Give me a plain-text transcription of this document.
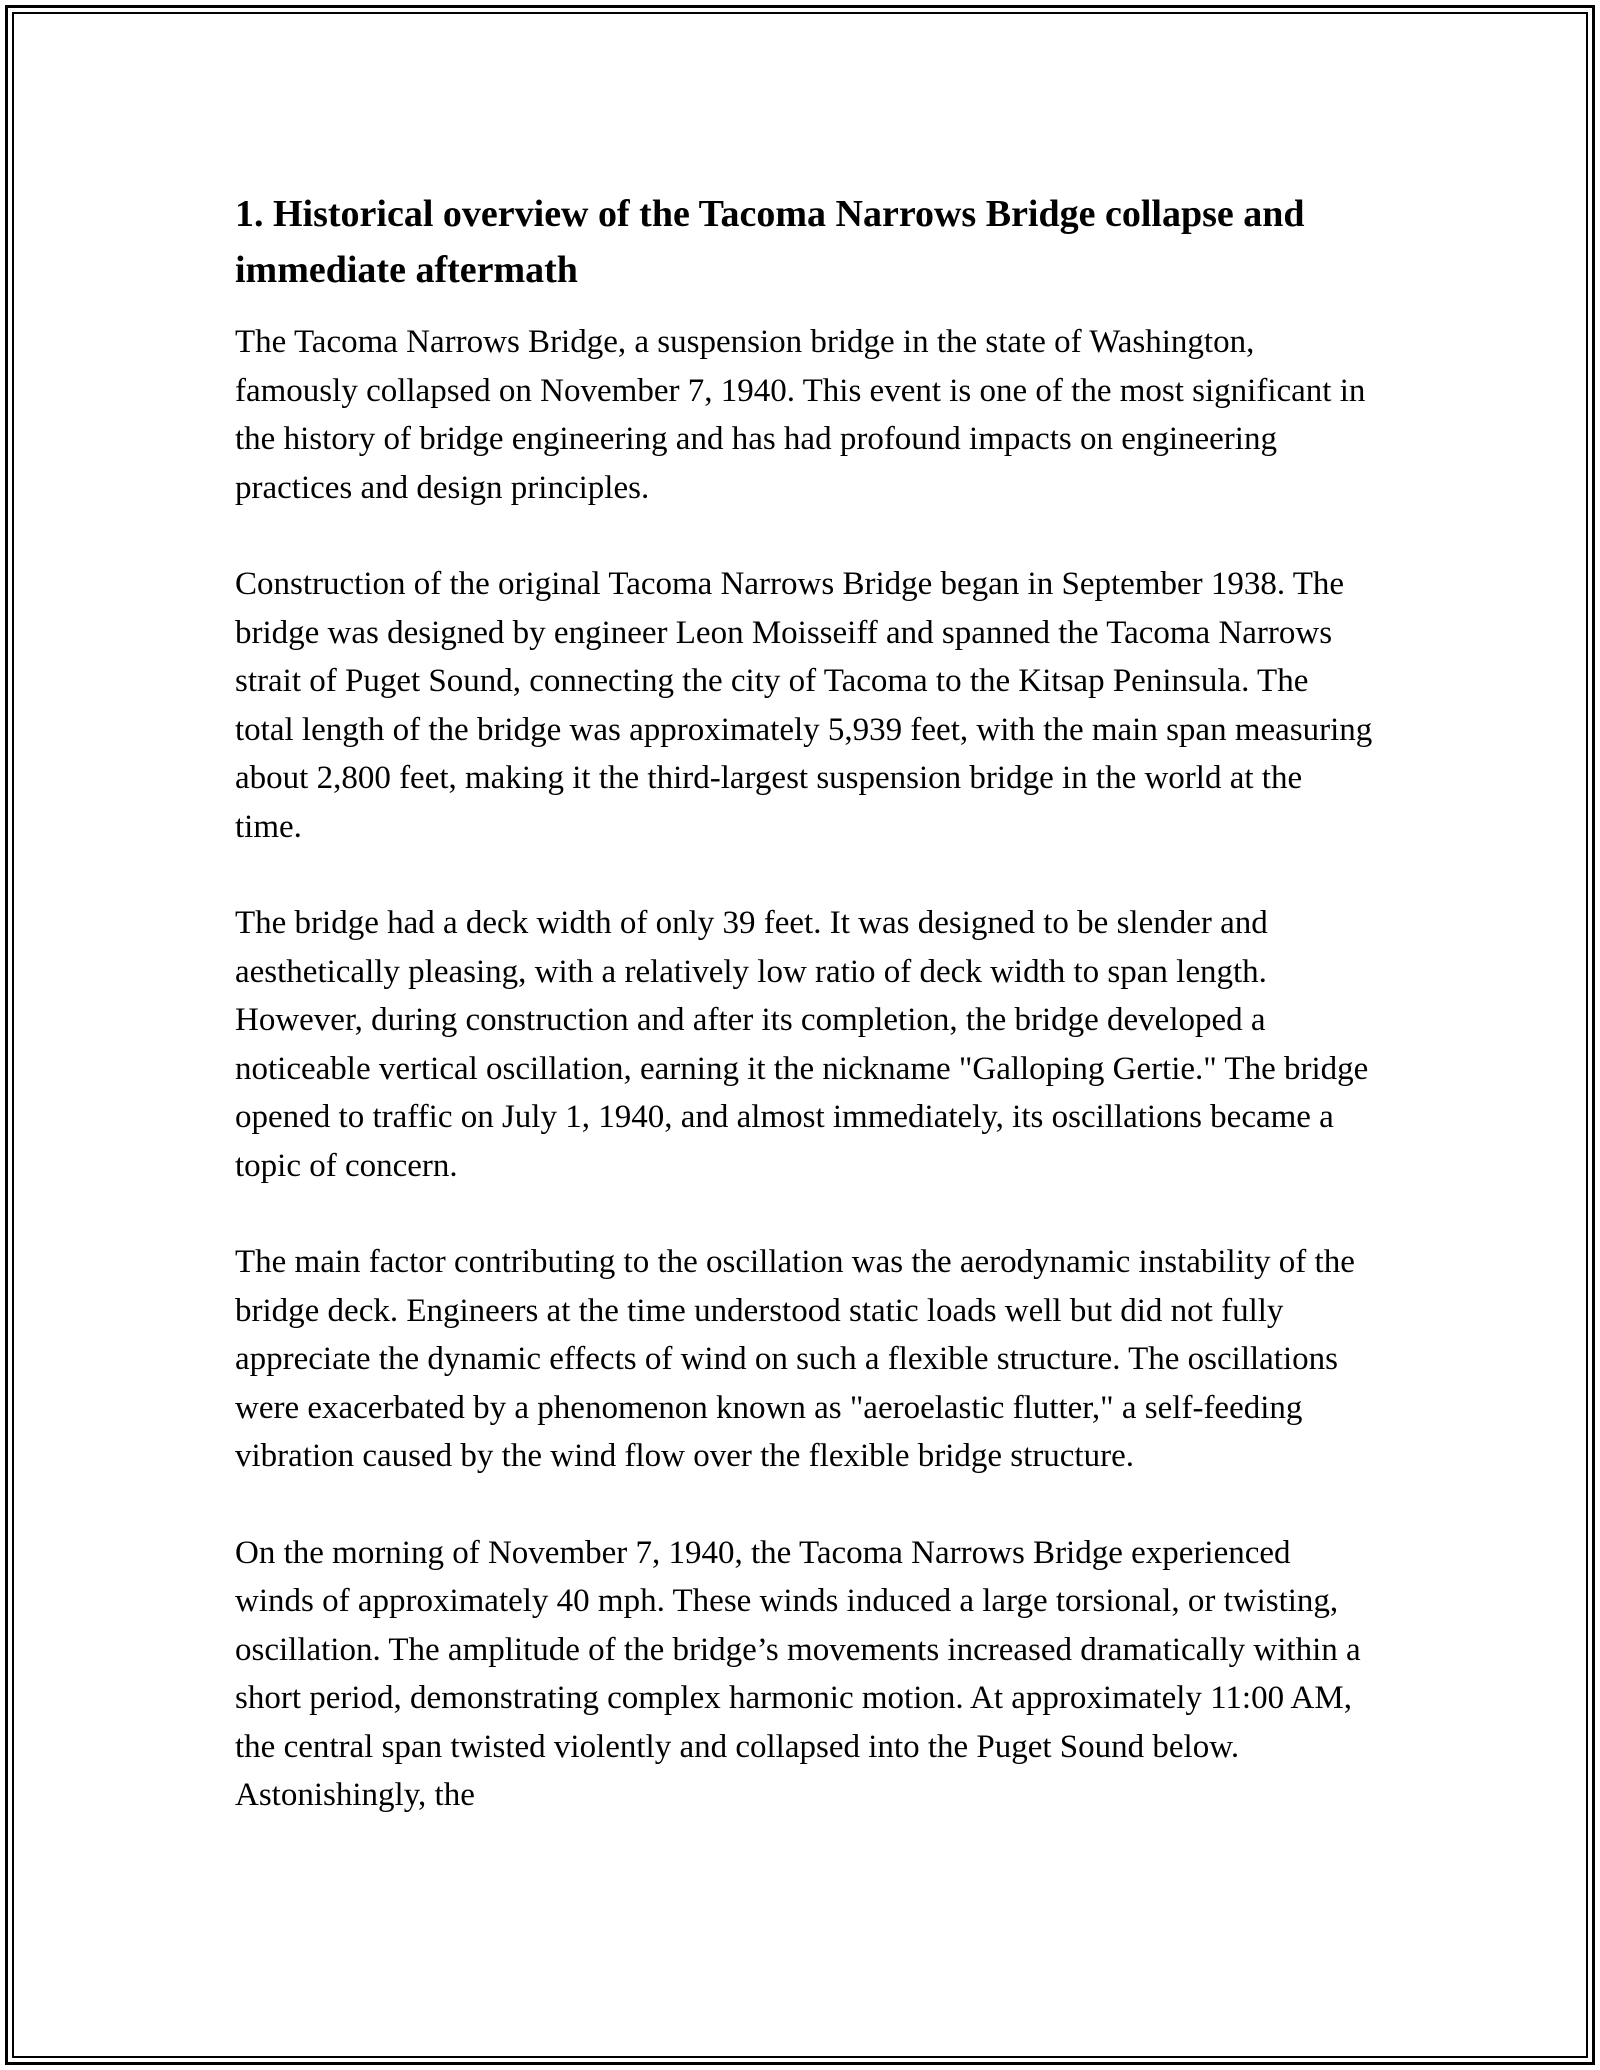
1. Historical overview of the Tacoma Narrows Bridge collapse and immediate aftermath

The Tacoma Narrows Bridge, a suspension bridge in the state of Washington, famously collapsed on November 7, 1940. This event is one of the most significant in the history of bridge engineering and has had profound impacts on engineering practices and design principles.

Construction of the original Tacoma Narrows Bridge began in September 1938. The bridge was designed by engineer Leon Moisseiff and spanned the Tacoma Narrows strait of Puget Sound, connecting the city of Tacoma to the Kitsap Peninsula. The total length of the bridge was approximately 5,939 feet, with the main span measuring about 2,800 feet, making it the third-largest suspension bridge in the world at the time.

The bridge had a deck width of only 39 feet. It was designed to be slender and aesthetically pleasing, with a relatively low ratio of deck width to span length. However, during construction and after its completion, the bridge developed a noticeable vertical oscillation, earning it the nickname "Galloping Gertie." The bridge opened to traffic on July 1, 1940, and almost immediately, its oscillations became a topic of concern.

The main factor contributing to the oscillation was the aerodynamic instability of the bridge deck. Engineers at the time understood static loads well but did not fully appreciate the dynamic effects of wind on such a flexible structure. The oscillations were exacerbated by a phenomenon known as "aeroelastic flutter," a self-feeding vibration caused by the wind flow over the flexible bridge structure.

On the morning of November 7, 1940, the Tacoma Narrows Bridge experienced winds of approximately 40 mph. These winds induced a large torsional, or twisting, oscillation. The amplitude of the bridge’s movements increased dramatically within a short period, demonstrating complex harmonic motion. At approximately 11:00 AM, the central span twisted violently and collapsed into the Puget Sound below. Astonishingly, the
